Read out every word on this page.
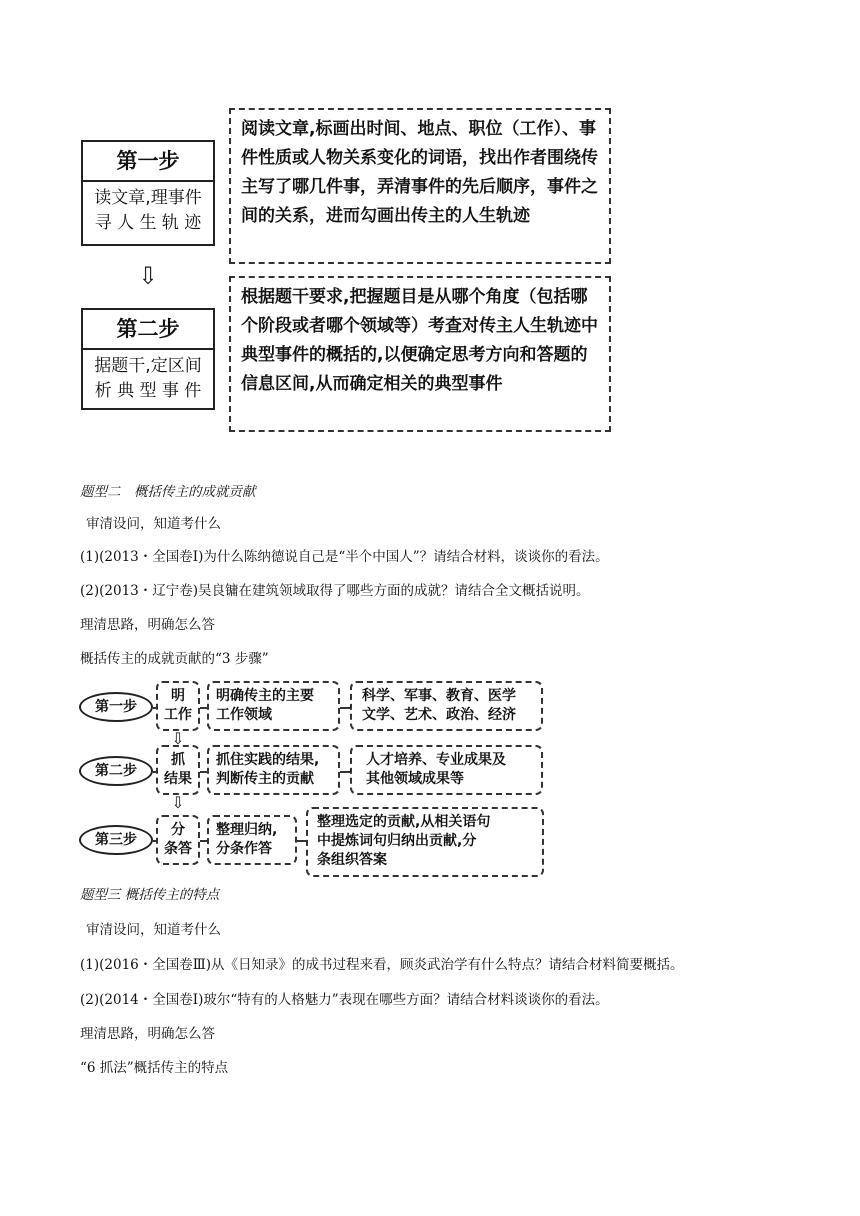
第一步
读文章,理事件
寻 人 生 轨 迹
阅读文章,标画出时间、地点、职位（工作）、事件性质或人物关系变化的词语，找出作者围绕传主写了哪几件事，弄清事件的先后顺序，事件之间的关系，进而勾画出传主的人生轨迹
⇩
第二步
据题干,定区间
析 典 型 事 件
根据题干要求,把握题目是从哪个角度（包括哪个阶段或者哪个领域等）考查对传主人生轨迹中典型事件的概括的,以便确定思考方向和答题的信息区间,从而确定相关的典型事件
题型二　概括传主的成就贡献
审清设问，知道考什么
(1)(2013・全国卷Ⅰ)为什么陈纳德说自己是“半个中国人”？请结合材料，谈谈你的看法。
(2)(2013・辽宁卷)吴良镛在建筑领域取得了哪些方面的成就？请结合全文概括说明。
理清思路，明确怎么答
概括传主的成就贡献的“3 步骤”
第一步
明
工作
明确传主的主要
工作领域
科学、军事、教育、医学
文学、艺术、政治、经济
⇩
第二步
抓
结果
抓住实践的结果,
判断传主的贡献
人才培养、专业成果及
其他领域成果等
⇩
第三步
分
条答
整理归纳,
分条作答
整理选定的贡献,从相关语句
中提炼词句归纳出贡献,分
条组织答案
题型三 概括传主的特点
审清设问，知道考什么
(1)(2016・全国卷Ⅲ)从《日知录》的成书过程来看，顾炎武治学有什么特点？请结合材料简要概括。
(2)(2014・全国卷Ⅰ)玻尔“特有的人格魅力”表现在哪些方面？请结合材料谈谈你的看法。
理清思路，明确怎么答
“6 抓法”概括传主的特点
